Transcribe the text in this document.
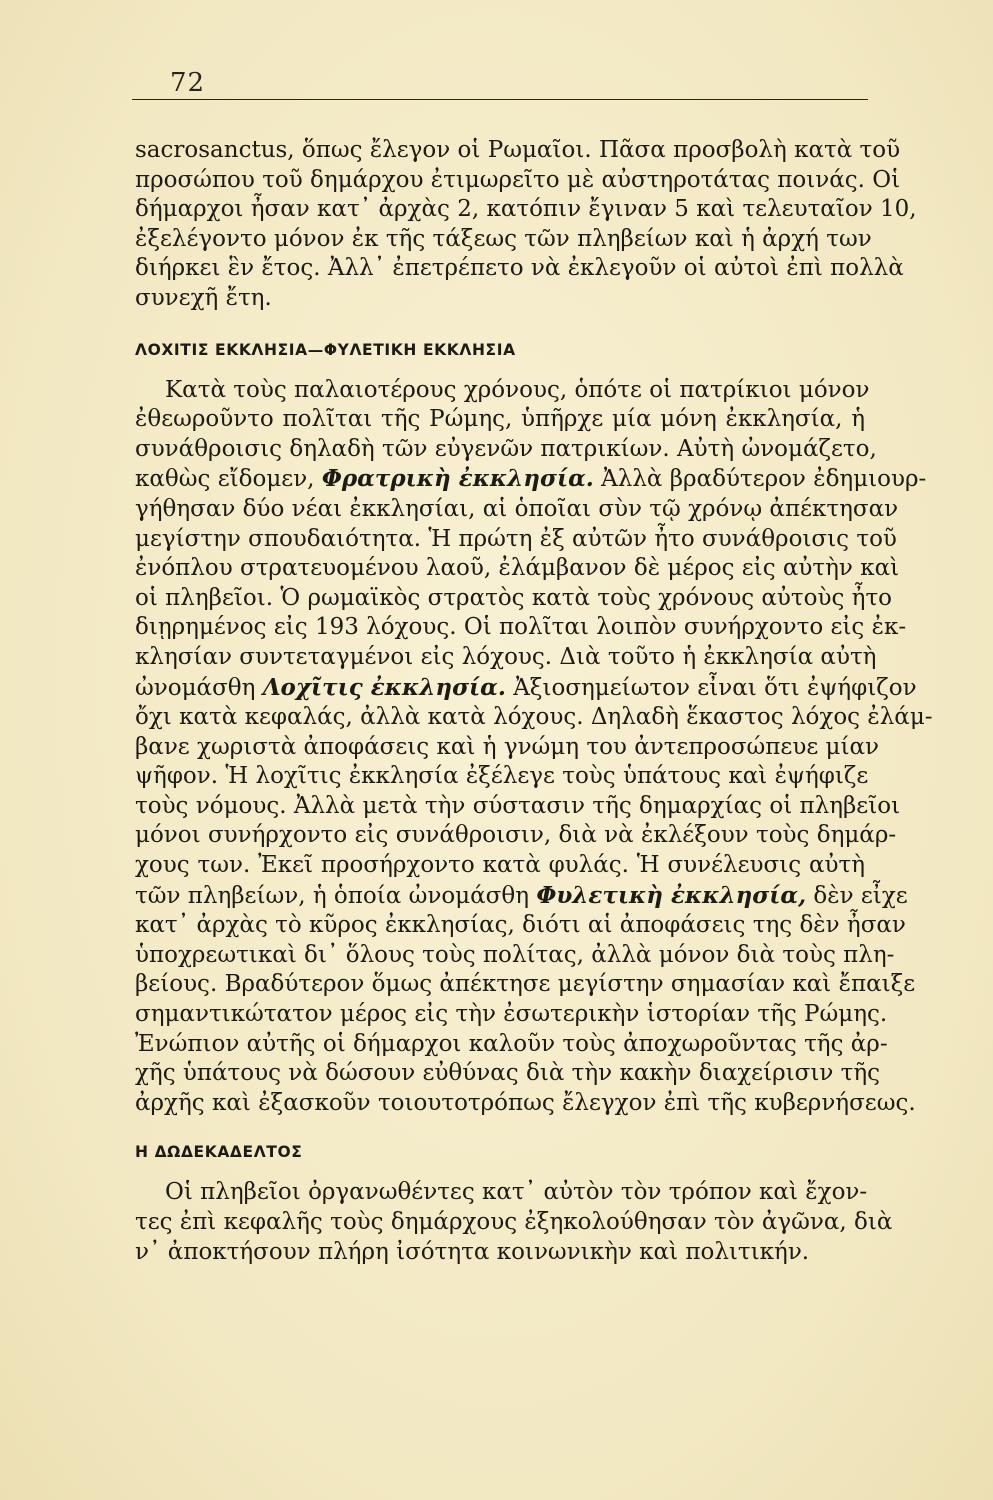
72

sacrosanctus, ὅπως ἔλεγον οἱ Ρωμαῖοι. Πᾶσα προσβολὴ κατὰ τοῦ

προσώπου τοῦ δημάρχου ἐτιμωρεῖτο μὲ αὐστηροτάτας ποινάς. Οἱ

δήμαρχοι ἦσαν κατ᾽ ἀρχὰς 2, κατόπιν ἔγιναν 5 καὶ τελευταῖον 10,

ἐξελέγοντο μόνον ἐκ τῆς τάξεως τῶν πληβείων καὶ ἡ ἀρχή των

διήρκει ἓν ἔτος. Ἀλλ᾽ ἐπετρέπετο νὰ ἐκλεγοῦν οἱ αὐτοὶ ἐπὶ πολλὰ

συνεχῆ ἔτη.

ΛΟΧΙΤΙΣ ΕΚΚΛΗΣΙΑ—ΦΥΛΕΤΙΚΗ ΕΚΚΛΗΣΙΑ

Κατὰ τοὺς παλαιοτέρους χρόνους, ὁπότε οἱ πατρίκιοι μόνον

ἐθεωροῦντο πολῖται τῆς Ρώμης, ὑπῆρχε μία μόνη ἐκκλησία, ἡ

συνάθροισις δηλαδὴ τῶν εὐγενῶν πατρικίων. Αὐτὴ ὠνομάζετο,

καθὼς εἴδομεν, Φρατρικὴ ἐκκλησία. Ἀλλὰ βραδύτερον ἐδημιουρ-

γήθησαν δύο νέαι ἐκκλησίαι, αἱ ὁποῖαι σὺν τῷ χρόνῳ ἀπέκτησαν

μεγίστην σπουδαιότητα. Ἡ πρώτη ἐξ αὐτῶν ἦτο συνάθροισις τοῦ

ἐνόπλου στρατευομένου λαοῦ, ἐλάμβανον δὲ μέρος εἰς αὐτὴν καὶ

οἱ πληβεῖοι. Ὁ ρωμαϊκὸς στρατὸς κατὰ τοὺς χρόνους αὐτοὺς ἦτο

διῃρημένος εἰς 193 λόχους. Οἱ πολῖται λοιπὸν συνήρχοντο εἰς ἐκ-

κλησίαν συντεταγμένοι εἰς λόχους. Διὰ τοῦτο ἡ ἐκκλησία αὐτὴ

ὠνομάσθη Λοχῖτις ἐκκλησία. Ἀξιοσημείωτον εἶναι ὅτι ἐψήφιζον

ὄχι κατὰ κεφαλάς, ἀλλὰ κατὰ λόχους. Δηλαδὴ ἕκαστος λόχος ἐλάμ-

βανε χωριστὰ ἀποφάσεις καὶ ἡ γνώμη του ἀντεπροσώπευε μίαν

ψῆφον. Ἡ λοχῖτις ἐκκλησία ἐξέλεγε τοὺς ὑπάτους καὶ ἐψήφιζε

τοὺς νόμους. Ἀλλὰ μετὰ τὴν σύστασιν τῆς δημαρχίας οἱ πληβεῖοι

μόνοι συνήρχοντο εἰς συνάθροισιν, διὰ νὰ ἐκλέξουν τοὺς δημάρ-

χους των. Ἐκεῖ προσήρχοντο κατὰ φυλάς. Ἡ συνέλευσις αὐτὴ

τῶν πληβείων, ἡ ὁποία ὠνομάσθη Φυλετικὴ ἐκκλησία, δὲν εἶχε

κατ᾽ ἀρχὰς τὸ κῦρος ἐκκλησίας, διότι αἱ ἀποφάσεις της δὲν ἦσαν

ὑποχρεωτικαὶ δι᾽ ὅλους τοὺς πολίτας, ἀλλὰ μόνον διὰ τοὺς πλη-

βείους. Βραδύτερον ὅμως ἀπέκτησε μεγίστην σημασίαν καὶ ἔπαιξε

σημαντικώτατον μέρος εἰς τὴν ἐσωτερικὴν ἱστορίαν τῆς Ρώμης.

Ἐνώπιον αὐτῆς οἱ δήμαρχοι καλοῦν τοὺς ἀποχωροῦντας τῆς ἀρ-

χῆς ὑπάτους νὰ δώσουν εὐθύνας διὰ τὴν κακὴν διαχείρισιν τῆς

ἀρχῆς καὶ ἐξασκοῦν τοιουτοτρόπως ἔλεγχον ἐπὶ τῆς κυβερνήσεως.

Η ΔΩΔΕΚΑΔΕΛΤΟΣ

Οἱ πληβεῖοι ὀργανωθέντες κατ᾽ αὐτὸν τὸν τρόπον καὶ ἔχον-

τες ἐπὶ κεφαλῆς τοὺς δημάρχους ἐξηκολούθησαν τὸν ἀγῶνα, διὰ

ν᾽ ἀποκτήσουν πλήρη ἰσότητα κοινωνικὴν καὶ πολιτικήν.
